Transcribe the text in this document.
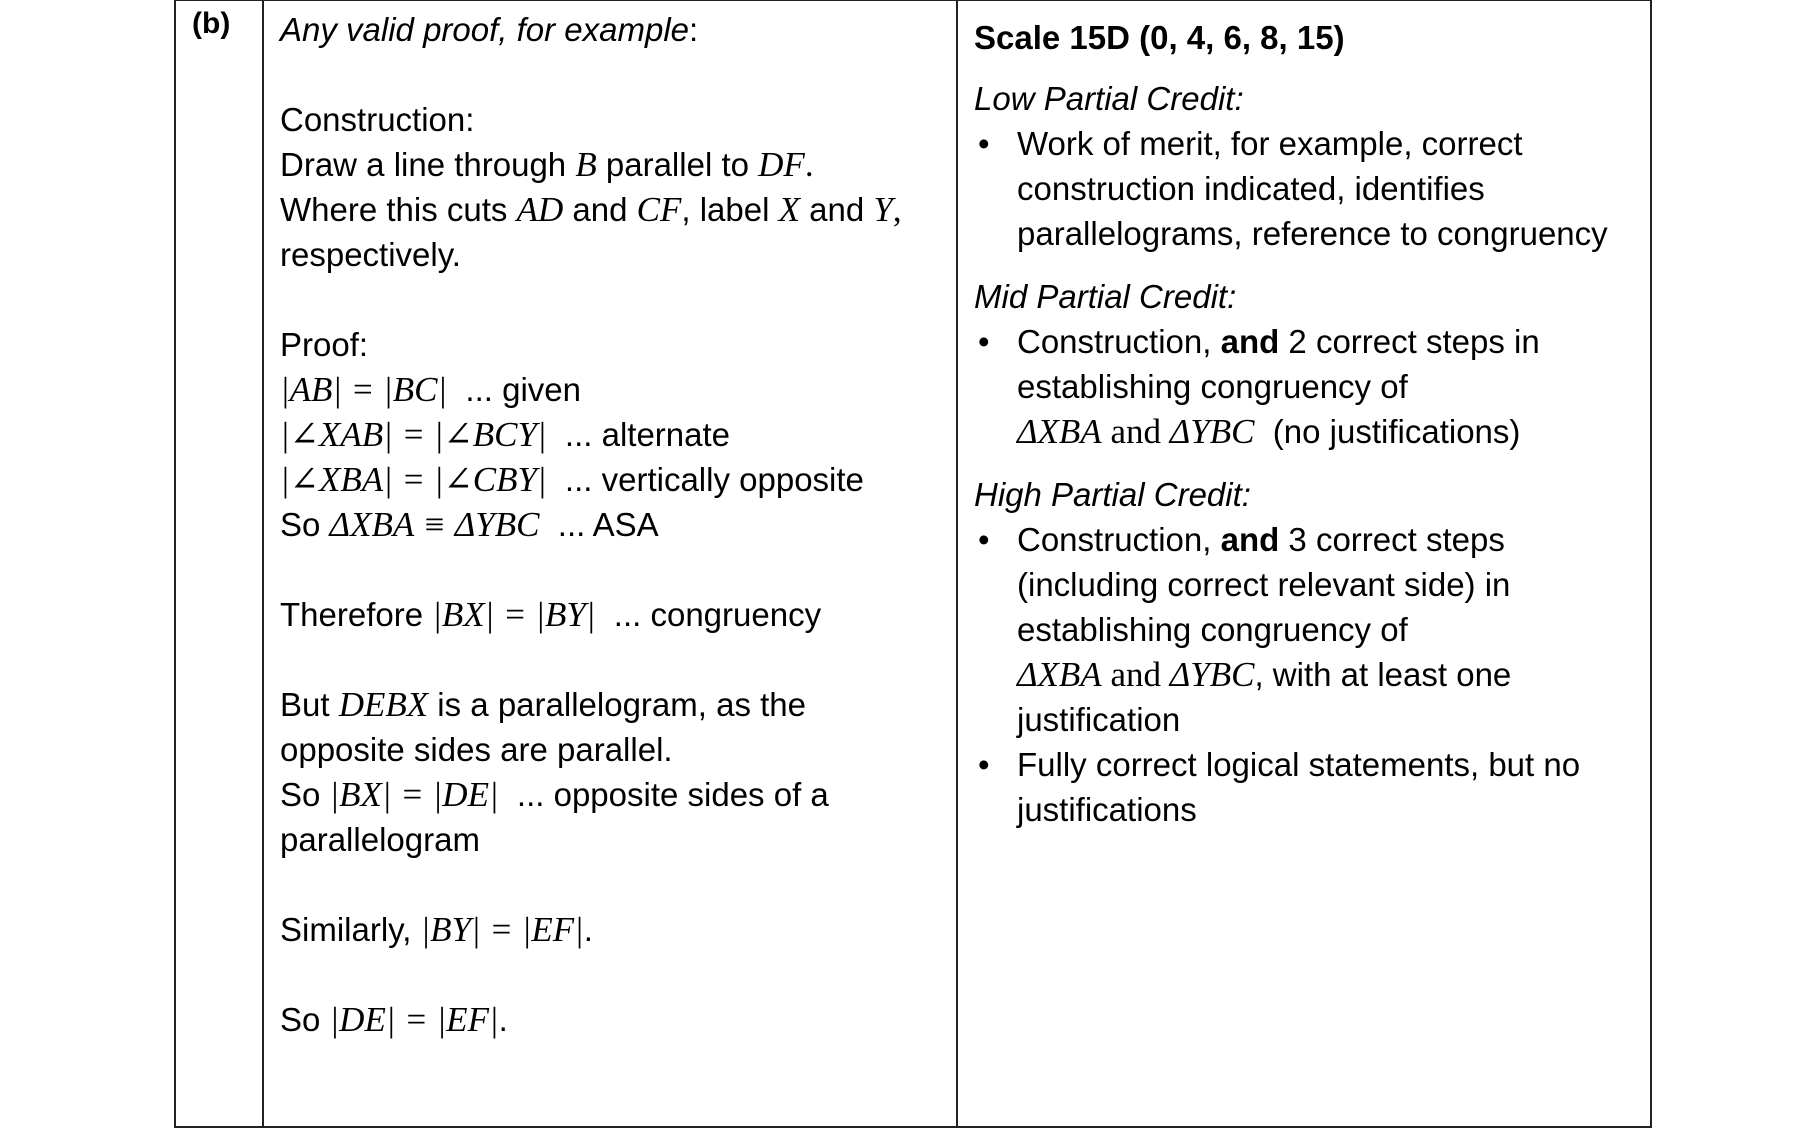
(b) Any valid proof, for example:
Construction:
Draw a line through B parallel to DF.
Where this cuts AD and CF, label X and Y,
respectively.
Proof:
|AB| = |BC|  ... given
|∠XAB| = |∠BCY|  ... alternate
|∠XBA| = |∠CBY|  ... vertically opposite
So ΔXBA ≡ ΔYBC  ... ASA
Therefore |BX| = |BY|  ... congruency
But DEBX is a parallelogram, as the
opposite sides are parallel.
So |BX| = |DE|  ... opposite sides of a
parallelogram
Similarly, |BY| = |EF|.
So |DE| = |EF|.
Scale 15D (0, 4, 6, 8, 15)
Low Partial Credit:
• Work of merit, for example, correct
construction indicated, identifies
parallelograms, reference to congruency
Mid Partial Credit:
• Construction, and 2 correct steps in
establishing congruency of
ΔXBA and ΔYBC  (no justifications)
High Partial Credit:
• Construction, and 3 correct steps
(including correct relevant side) in
establishing congruency of
ΔXBA and ΔYBC, with at least one
justification
• Fully correct logical statements, but no
justifications
